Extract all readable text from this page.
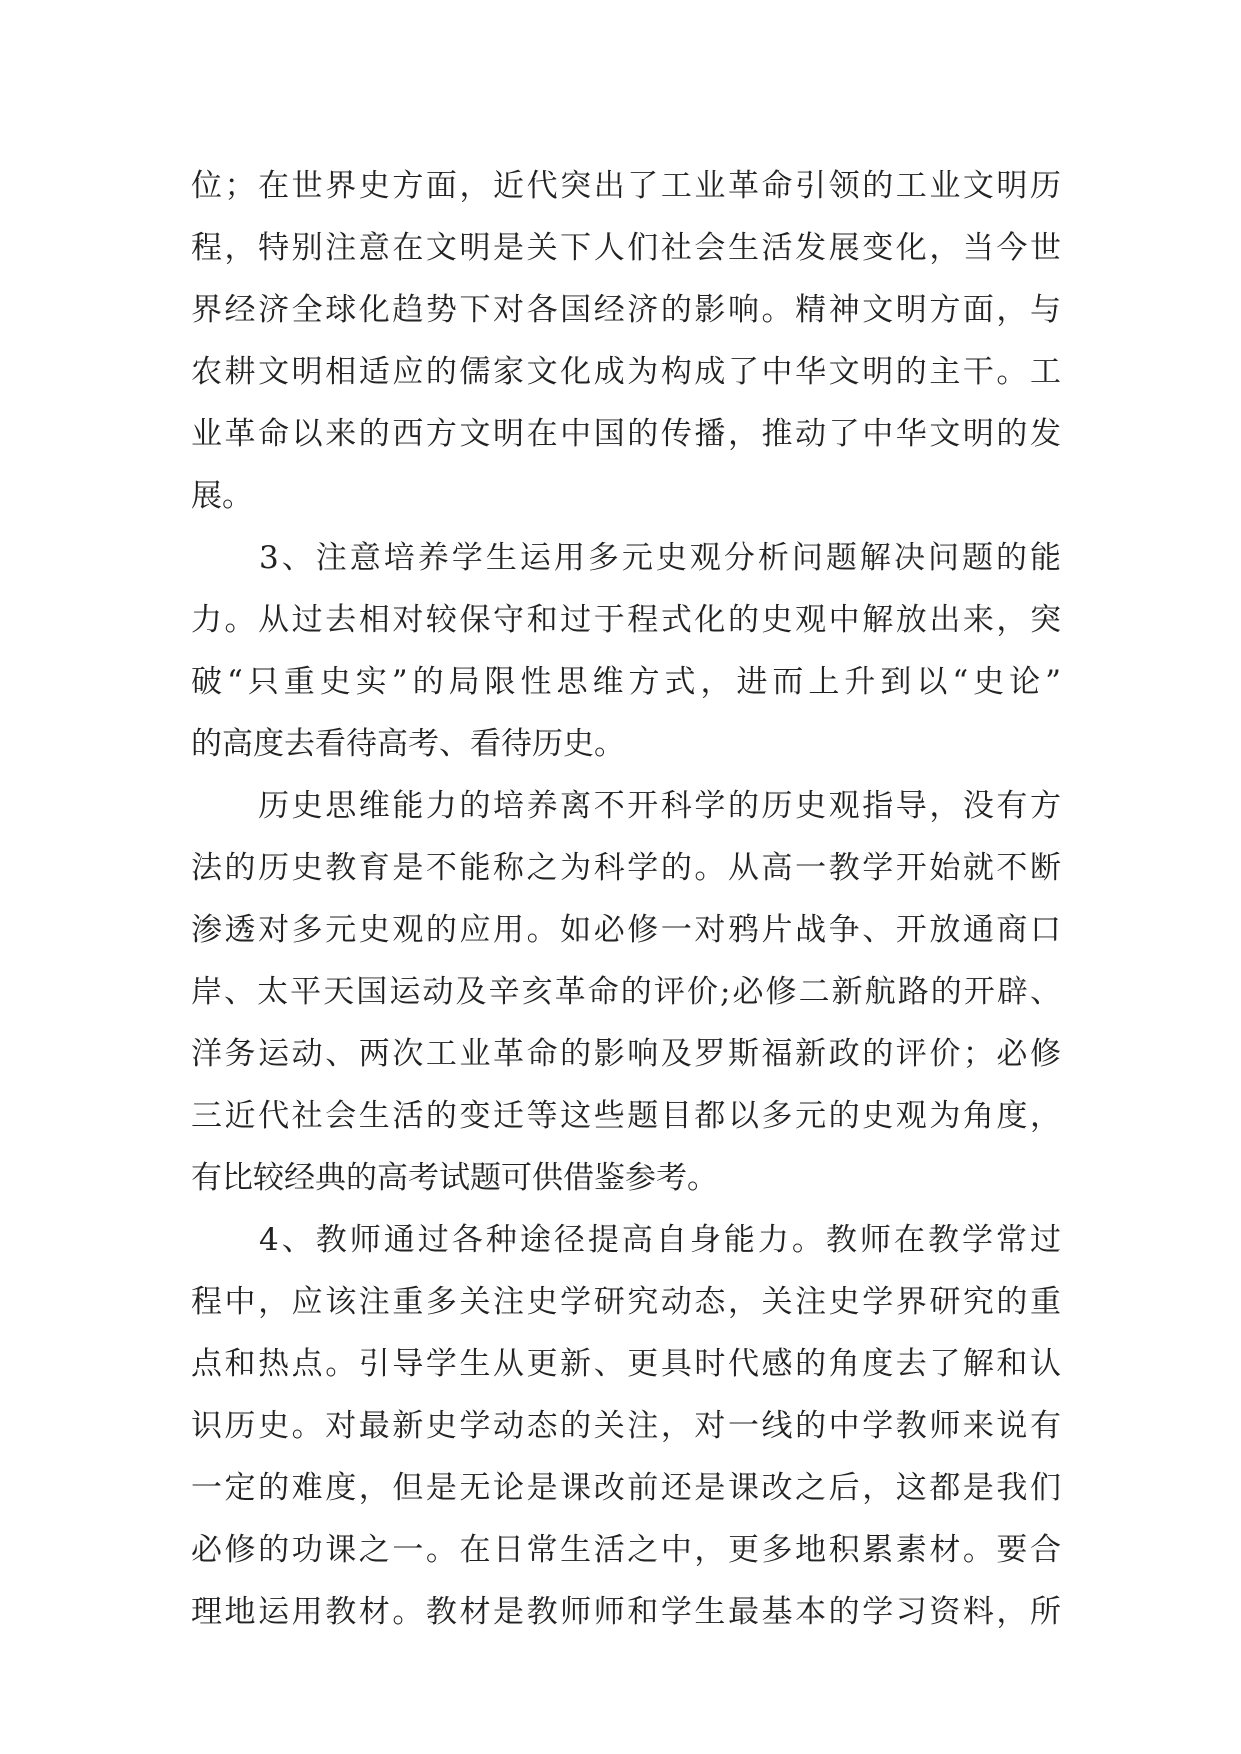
位；在世界史方面，近代突出了工业革命引领的工业文明历
程，特别注意在文明是关下人们社会生活发展变化，当今世
界经济全球化趋势下对各国经济的影响。精神文明方面，与
农耕文明相适应的儒家文化成为构成了中华文明的主干。工
业革命以来的西方文明在中国的传播，推动了中华文明的发
展。
　　3、注意培养学生运用多元史观分析问题解决问题的能
力。从过去相对较保守和过于程式化的史观中解放出来，突
破“只重史实”的局限性思维方式，进而上升到以“史论”
的高度去看待高考、看待历史。
　　历史思维能力的培养离不开科学的历史观指导，没有方
法的历史教育是不能称之为科学的。从高一教学开始就不断
渗透对多元史观的应用。如必修一对鸦片战争、开放通商口
岸、太平天国运动及辛亥革命的评价;必修二新航路的开辟、
洋务运动、两次工业革命的影响及罗斯福新政的评价；必修
三近代社会生活的变迁等这些题目都以多元的史观为角度，
有比较经典的高考试题可供借鉴参考。
　　4、教师通过各种途径提高自身能力。教师在教学常过
程中，应该注重多关注史学研究动态，关注史学界研究的重
点和热点。引导学生从更新、更具时代感的角度去了解和认
识历史。对最新史学动态的关注，对一线的中学教师来说有
一定的难度，但是无论是课改前还是课改之后，这都是我们
必修的功课之一。在日常生活之中，更多地积累素材。要合
理地运用教材。教材是教师师和学生最基本的学习资料，所
